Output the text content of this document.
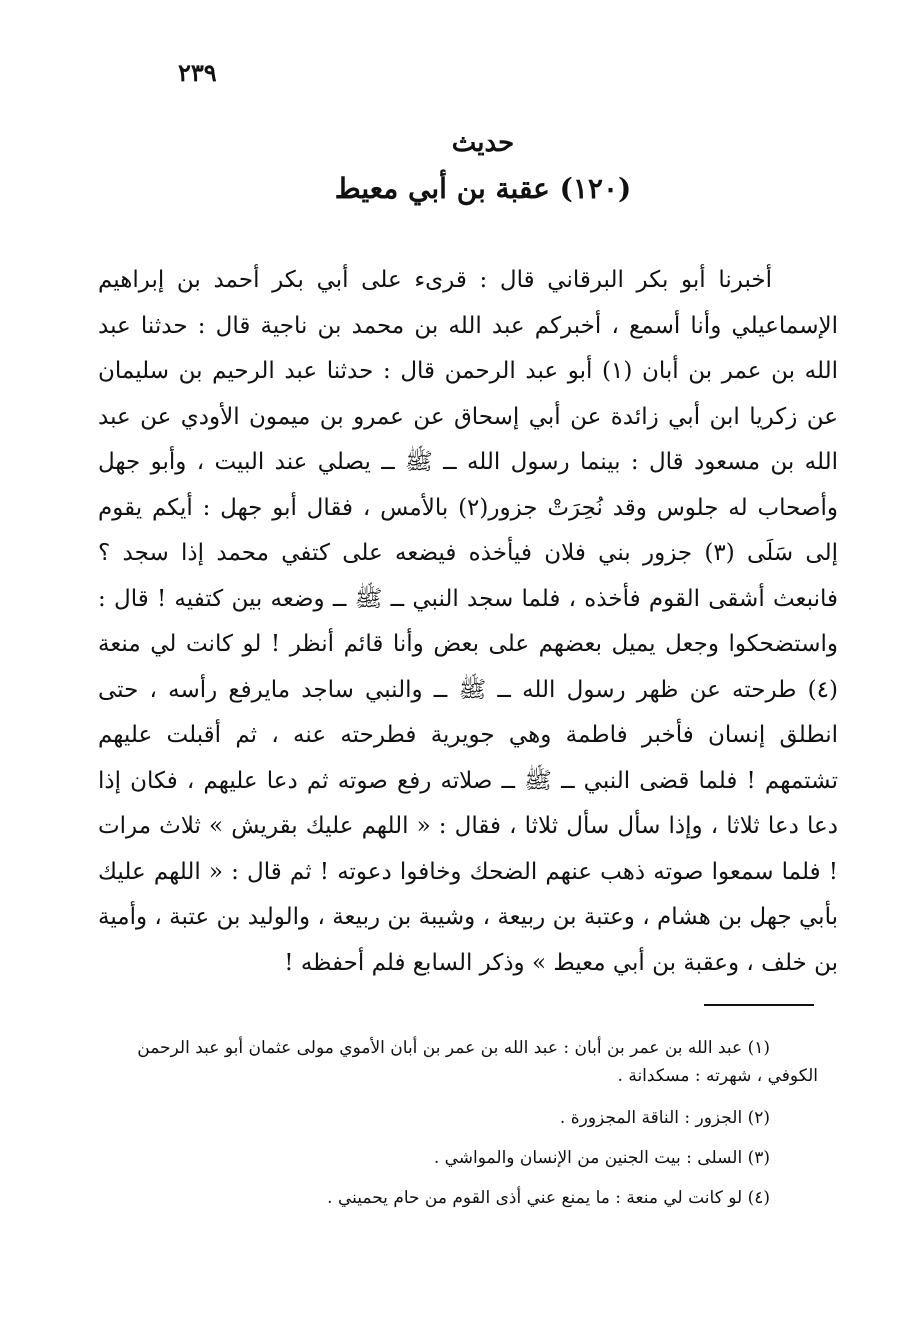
٢٣٩
حديث
(١٢٠) عقبة بن أبي معيط

أخبرنا أبو بكر البرقاني قال : قرىء على أبي بكر أحمد بن إبراهيم الإسماعيلي وأنا أسمع ، أخبركم عبد الله بن محمد بن ناجية قال : حدثنا عبد الله بن عمر بن أبان (١) أبو عبد الرحمن قال : حدثنا عبد الرحيم بن سليمان عن زكريا ابن أبي زائدة عن أبي إسحاق عن عمرو بن ميمون الأودي عن عبد الله بن مسعود قال : بينما رسول الله ــ ﷺ ــ يصلي عند البيت ، وأبو جهل وأصحاب له جلوس وقد نُحِرَتْ جزور(٢) بالأمس ، فقال أبو جهل : أيكم يقوم إلى سَلَى (٣) جزور بني فلان فيأخذه فيضعه على كتفي محمد إذا سجد ؟ فانبعث أشقى القوم فأخذه ، فلما سجد النبي ــ ﷺ ــ وضعه بين كتفيه ! قال : واستضحكوا وجعل يميل بعضهم على بعض وأنا قائم أنظر ! لو كانت لي منعة (٤) طرحته عن ظهر رسول الله ــ ﷺ ــ والنبي ساجد مايرفع رأسه ، حتى انطلق إنسان فأخبر فاطمة وهي جويرية فطرحته عنه ، ثم أقبلت عليهم تشتمهم ! فلما قضى النبي ــ ﷺ ــ صلاته رفع صوته ثم دعا عليهم ، فكان إذا دعا دعا ثلاثا ، وإذا سأل سأل ثلاثا ، فقال : « اللهم عليك بقريش » ثلاث مرات ! فلما سمعوا صوته ذهب عنهم الضحك وخافوا دعوته ! ثم قال : « اللهم عليك بأبي جهل بن هشام ، وعتبة بن ربيعة ، وشيبة بن ربيعة ، والوليد بن عتبة ، وأمية بن خلف ، وعقبة بن أبي معيط » وذكر السابع فلم أحفظه !

(١) عبد الله بن عمر بن أبان : عبد الله بن عمر بن أبان الأموي مولى عثمان أبو عبد الرحمن الكوفي ، شهرته : مسكدانة .

(٢) الجزور : الناقة المجزورة .

(٣) السلى : بيت الجنين من الإنسان والمواشي .

(٤) لو كانت لي منعة : ما يمنع عني أذى القوم من حام يحميني .
